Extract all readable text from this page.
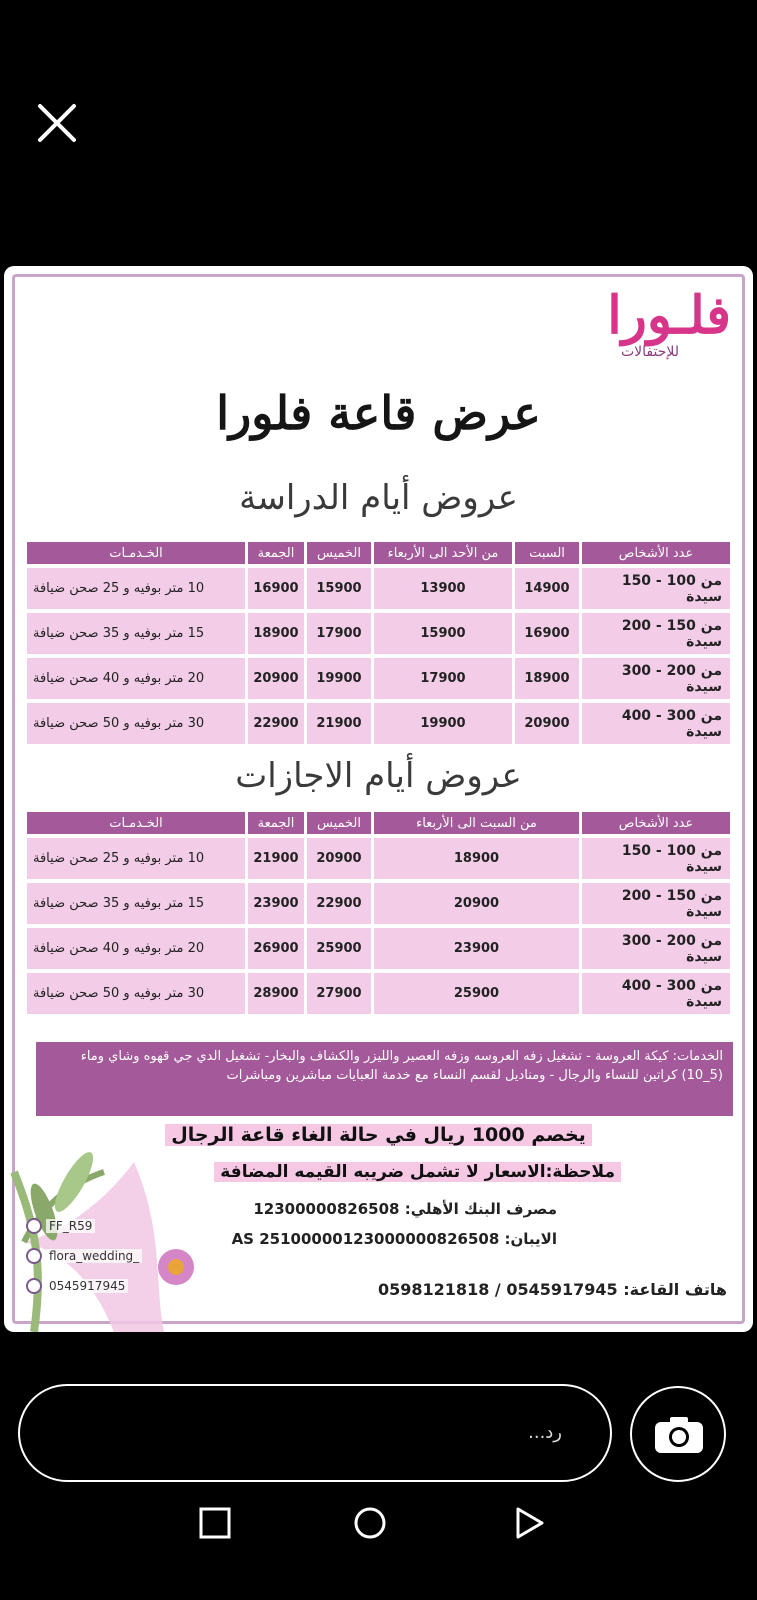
فلـورا
للإحتفالات
عرض قاعة فلورا
عروض أيام الدراسة
عدد الأشخاص	السبت	من الأحد الى الأربعاء	الخميس	الجمعة	الخـدمـات
من 100 - 150 سيدة	14900	13900	15900	16900	10 متر بوفيه و 25 صحن ضيافة
من 150 - 200 سيدة	16900	15900	17900	18900	15 متر بوفيه و 35 صحن ضيافة
من 200 - 300 سيدة	18900	17900	19900	20900	20 متر بوفيه و 40 صحن ضيافة
من 300 - 400 سيدة	20900	19900	21900	22900	30 متر بوفيه و 50 صحن ضيافة
عروض أيام الاجازات
عدد الأشخاص	من السبت الى الأربعاء	الخميس	الجمعة	الخـدمـات
من 100 - 150 سيدة	18900	20900	21900	10 متر بوفيه و 25 صحن ضيافة
من 150 - 200 سيدة	20900	22900	23900	15 متر بوفيه و 35 صحن ضيافة
من 200 - 300 سيدة	23900	25900	26900	20 متر بوفيه و 40 صحن ضيافة
من 300 - 400 سيدة	25900	27900	28900	30 متر بوفيه و 50 صحن ضيافة
الخدمات: كيكة العروسة - تشغيل زفه العروسه وزفه العصير والليزر والكشاف والبخار- تشغيل الدي جي قهوه وشاي وماء (5_10) كراتين للنساء والرجال - ومناديل لقسم النساء مع خدمة العبايات مباشرين ومباشرات
يخصم 1000 ريال في حالة الغاء قاعة الرجال
ملاحظة:الاسعار لا تشمل ضريبه القيمه المضافة
مصرف البنك الأهلي: 12300000826508
الايبان: AS 25100000123000000826508
هاتف القاعة: 0545917945 / 0598121818
FF_R59
flora_wedding_
0545917945
رد...
